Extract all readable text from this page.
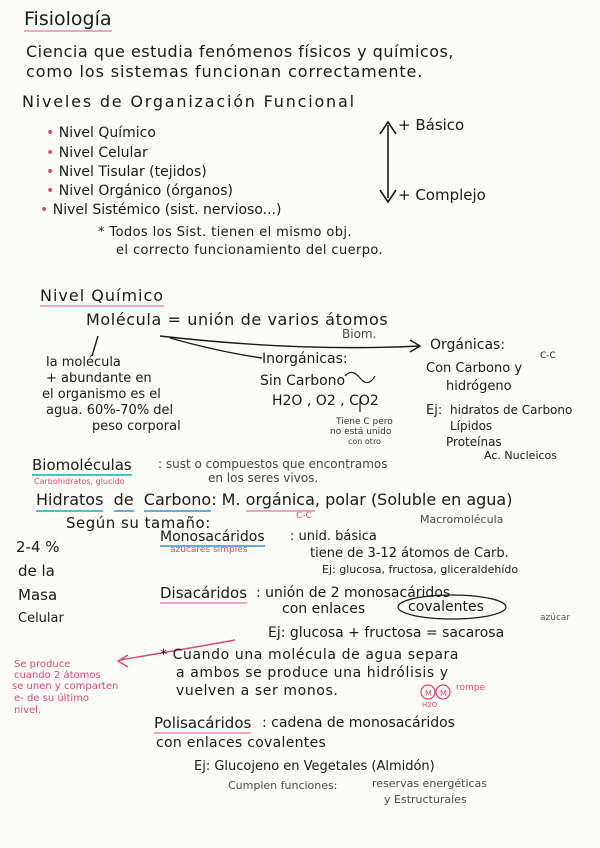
M M
Fisiología
Ciencia que estudia fenómenos físicos y químicos,
como los sistemas funcionan correctamente.
Niveles de Organización Funcional
• Nivel Químico
• Nivel Celular
• Nivel Tisular (tejidos)
• Nivel Orgánico (órganos)
• Nivel Sistémico (sist. nervioso...)
+ Básico
+ Complejo
* Todos los Sist. tienen el mismo obj.
el correcto funcionamiento del cuerpo.
Nivel Químico
Molécula = unión de varios átomos
Biom.
la molécula
+ abundante en
el organismo es el
agua. 60%-70% del
peso corporal
Inorgánicas:
Sin Carbono
H2O , O2 , CO2
Tiene C pero
no está unido
con otro
Orgánicas:
C-C
Con Carbono y
hidrógeno
Ej: hidratos de Carbono
Lípidos
Proteínas
Ac. Nucleicos
Biomoléculas : sust o compuestos que encontramos
en los seres vivos.
Carbohidratos, glucido
Hidratos de Carbono: M. orgánica, polar (Soluble en agua)
C-C	Macromolécula
Según su tamaño:
2-4 %
de la
Masa
Celular
Monosacáridos
azúcares simples
: unid. básica
tiene de 3-12 átomos de Carb.
Ej: glucosa, fructosa, gliceraldehído
Disacáridos : unión de 2 monosacáridos
con enlaces	covalentes
Ej: glucosa + fructosa = sacarosa
azúcar
Se produce
cuando 2 átomos
se unen y comparten
e- de su último
nivel.
* Cuando una molécula de agua separa
a ambos se produce una hidrólisis y
vuelven a ser monos.	rompe
H2O
Polisacáridos : cadena de monosacáridos
con enlaces covalentes
Ej: Glucojeno en Vegetales (Almidón)
Cumplen funciones:	reservas energéticas
y Estructurales
